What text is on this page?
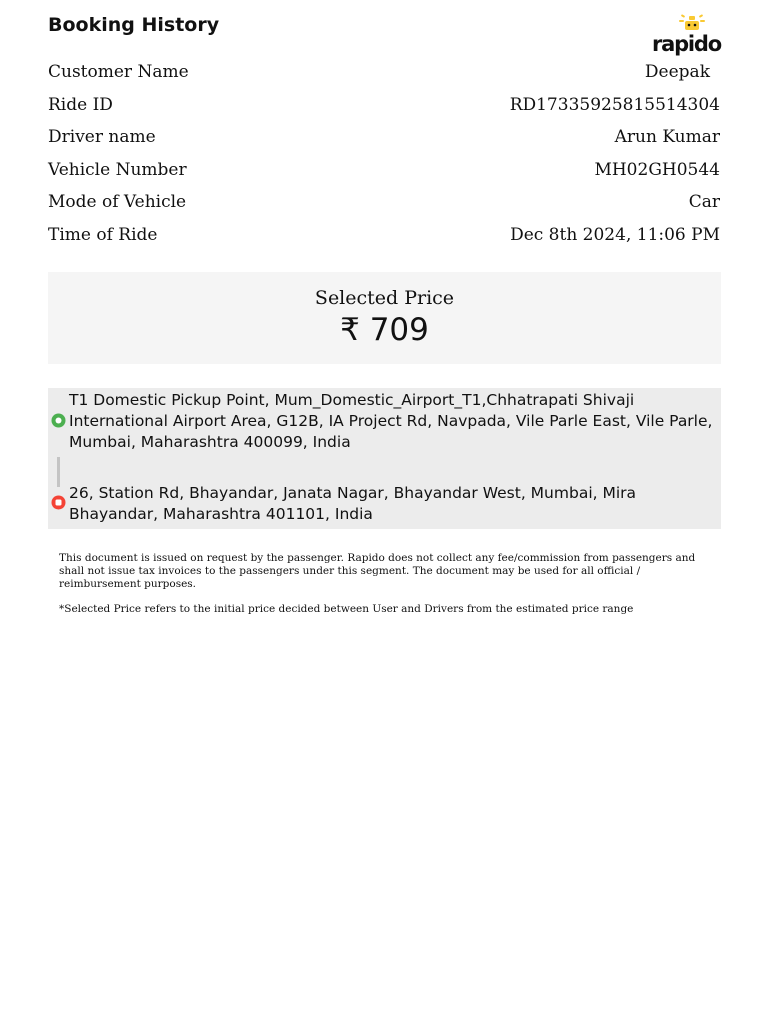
Booking History
rapido
Customer Name	Deepak
Ride ID	RD17335925815514304
Driver name	Arun Kumar
Vehicle Number	MH02GH0544
Mode of Vehicle	Car
Time of Ride	Dec 8th 2024, 11:06 PM
Selected Price
₹ 709
T1 Domestic Pickup Point, Mum_Domestic_Airport_T1,Chhatrapati Shivaji International Airport Area, G12B, IA Project Rd, Navpada, Vile Parle East, Vile Parle, Mumbai, Maharashtra 400099, India
26, Station Rd, Bhayandar, Janata Nagar, Bhayandar West, Mumbai, Mira Bhayandar, Maharashtra 401101, India

This document is issued on request by the passenger. Rapido does not collect any fee/commission from passengers and shall not issue tax invoices to the passengers under this segment. The document may be used for all official / reimbursement purposes.

*Selected Price refers to the initial price decided between User and Drivers from the estimated price range
